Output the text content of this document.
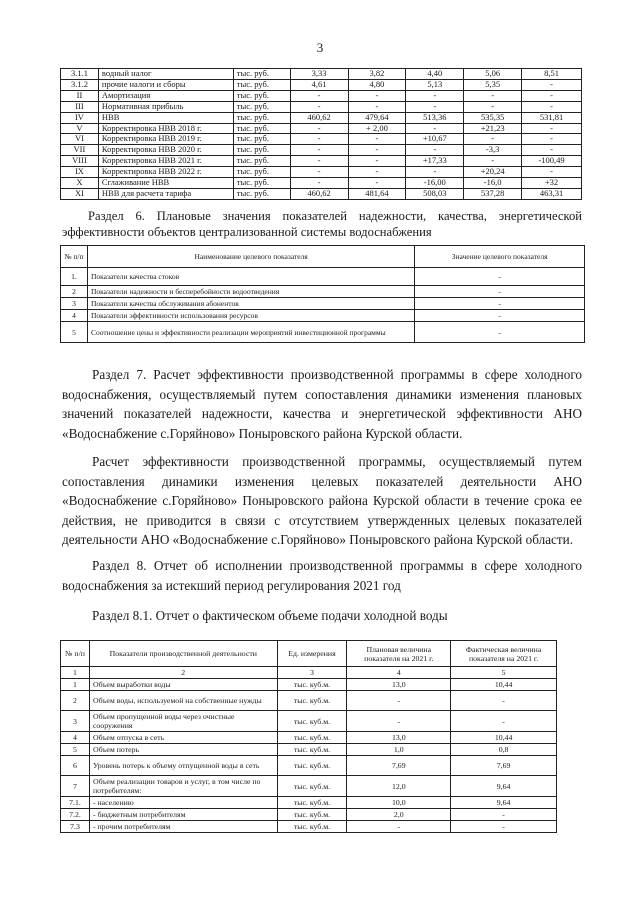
3
3.1.1	водный налог	тыс. руб.	3,33	3,82	4,40	5,06	8,51
3.1.2	прочие налоги и сборы	тыс. руб.	4,61	4,80	5,13	5,35	-
II	Амортизация	тыс. руб.	-	-	-	-	-
III	Нормативная прибыль	тыс. руб.	-	-	-	-	-
IV	НВВ	тыс. руб.	460,62	479,64	513,36	535,35	531,81
V	Корректировка НВВ 2018 г.	тыс. руб.	-	+ 2,00	-	+21,23	-
VI	Корректировка НВВ 2019 г.	тыс. руб.	-	-	+10,67	-	-
VII	Корректировка НВВ 2020 г.	тыс. руб.	-	-	-	-3,3	-
VIII	Корректировка НВВ 2021 г.	тыс. руб.	-	-	+17,33	-	-100,49
IX	Корректировка НВВ 2022 г.	тыс. руб.	-	-	-	+20,24	-
X	Сглаживание НВВ	тыс. руб.	-	-	-16,00	-16,0	+32
XI	НВВ для расчета тарифа	тыс. руб.	460,62	481,64	508,03	537,28	463,31
Раздел 6. Плановые значения показателей надежности, качества, энергетической эффективности объектов централизованной системы водоснабжения
№ п/п	Наименование целевого показателя	Значение целевого показателя
1.	Показатели качества стоков	-
2	Показатели надежности и бесперебойности водоотведения	-
3	Показатели качества обслуживания абонентов	-
4	Показатели эффективности использования ресурсов	-
5	Соотношение цены и эффективности реализации мероприятий инвестиционной программы	-
Раздел 7. Расчет эффективности производственной программы в сфере холодного водоснабжения, осуществляемый путем сопоставления динамики изменения плановых значений показателей надежности, качества и энергетической эффективности АНО «Водоснабжение с.Горяйново» Поныровского района Курской области.
Расчет эффективности производственной программы, осуществляемый путем сопоставления динамики изменения целевых показателей деятельности АНО «Водоснабжение с.Горяйново» Поныровского района Курской области в течение срока ее действия, не приводится в связи с отсутствием утвержденных целевых показателей деятельности АНО «Водоснабжение с.Горяйново» Поныровского района Курской области.
Раздел 8. Отчет об исполнении производственной программы в сфере холодного водоснабжения за истекший период регулирования 2021 год
Раздел 8.1. Отчет о фактическом объеме подачи холодной воды
№ п/п	Показатели производственной деятельности	Ед. измерения	Плановая величина показателя на 2021 г.	Фактическая величина показателя на 2021 г.
1	2	3	4	5
1	Объем выработки воды	тыс. куб.м.	13,0	10,44
2	Объем воды, используемой на собственные нужды	тыс. куб.м.	-	-
3	Объем пропущенной воды через очистные сооружения	тыс. куб.м.	-	-
4	Объем отпуска в сеть	тыс. куб.м.	13,0	10,44
5	Объем потерь	тыс. куб.м.	1,0	0,8
6	Уровень потерь к объему отпущенной воды в сеть	тыс. куб.м.	7,69	7,69
7	Объем реализации товаров и услуг, в том числе по потребителям:	тыс. куб.м.	12,0	9,64
7.1.	- населению	тыс. куб.м.	10,0	9,64
7.2.	- бюджетным потребителям	тыс. куб.м.	2,0	-
7.3	- прочим потребителям	тыс. куб.м.	-	-
